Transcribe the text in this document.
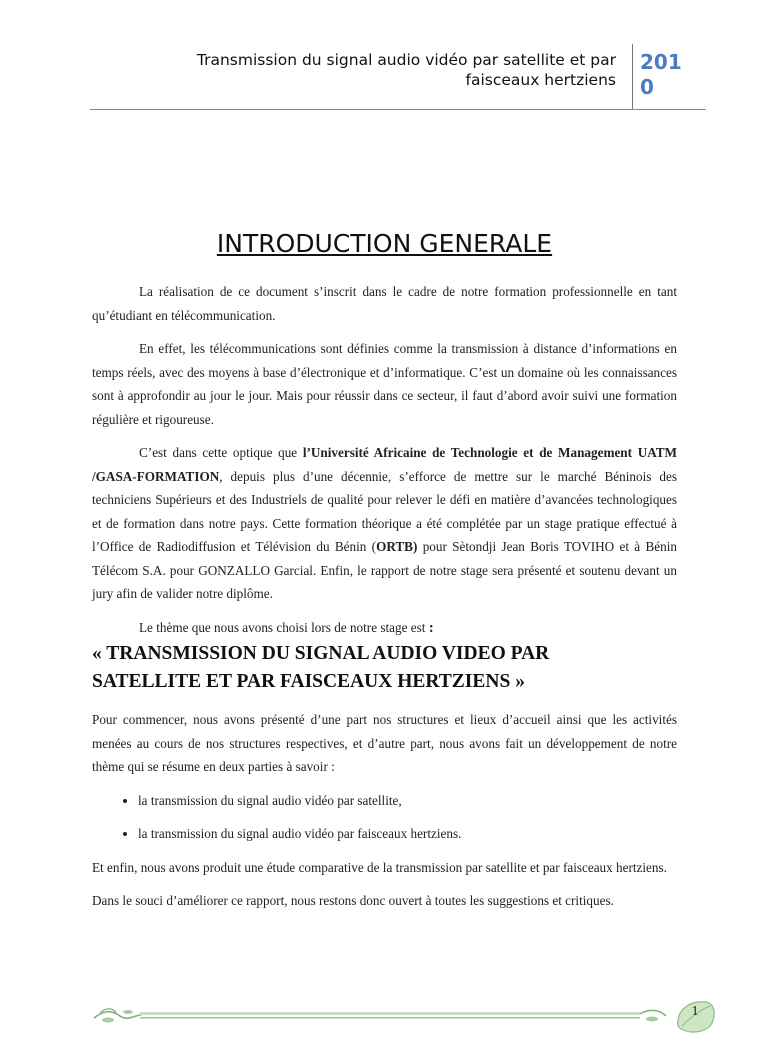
Transmission du signal audio vidéo par satellite et par
faisceaux hertziens
201
0
INTRODUCTION GENERALE

La réalisation de ce document s’inscrit dans le cadre de notre formation professionnelle en tant qu’étudiant en télécommunication.

En effet, les télécommunications sont définies comme la transmission à distance d’informations en temps réels, avec des moyens à base d’électronique et d’informatique. C’est un domaine où les connaissances sont à approfondir au jour le jour. Mais pour réussir dans ce secteur, il faut d’abord avoir suivi une formation régulière et rigoureuse.

C’est dans cette optique que l’Université Africaine de Technologie et de Management UATM /GASA-FORMATION, depuis plus d’une décennie, s’efforce de mettre sur le marché Béninois des techniciens Supérieurs et des Industriels de qualité pour relever le défi en matière d’avancées technologiques et de formation dans notre pays. Cette formation théorique a été complétée par un stage pratique effectué à l’Office de Radiodiffusion et Télévision du Bénin (ORTB) pour Sètondji Jean Boris TOVIHO et à Bénin Télécom S.A. pour GONZALLO Garcial. Enfin, le rapport de notre stage sera présenté et soutenu devant un jury afin de valider notre diplôme.

Le thème que nous avons choisi lors de notre stage est :

« TRANSMISSION DU SIGNAL AUDIO VIDEO PAR
SATELLITE ET PAR FAISCEAUX HERTZIENS »

Pour commencer, nous avons présenté d’une part nos structures et lieux d’accueil ainsi que les activités menées au cours de nos structures respectives, et d’autre part, nous avons fait un développement de notre thème qui se résume en deux parties à savoir :

• la transmission du signal audio vidéo par satellite,
• la transmission du signal audio vidéo par faisceaux hertziens.

Et enfin, nous avons produit une étude comparative de la transmission par satellite et par faisceaux hertziens.

Dans le souci d’améliorer ce rapport, nous restons donc ouvert à toutes les suggestions et critiques.

1
